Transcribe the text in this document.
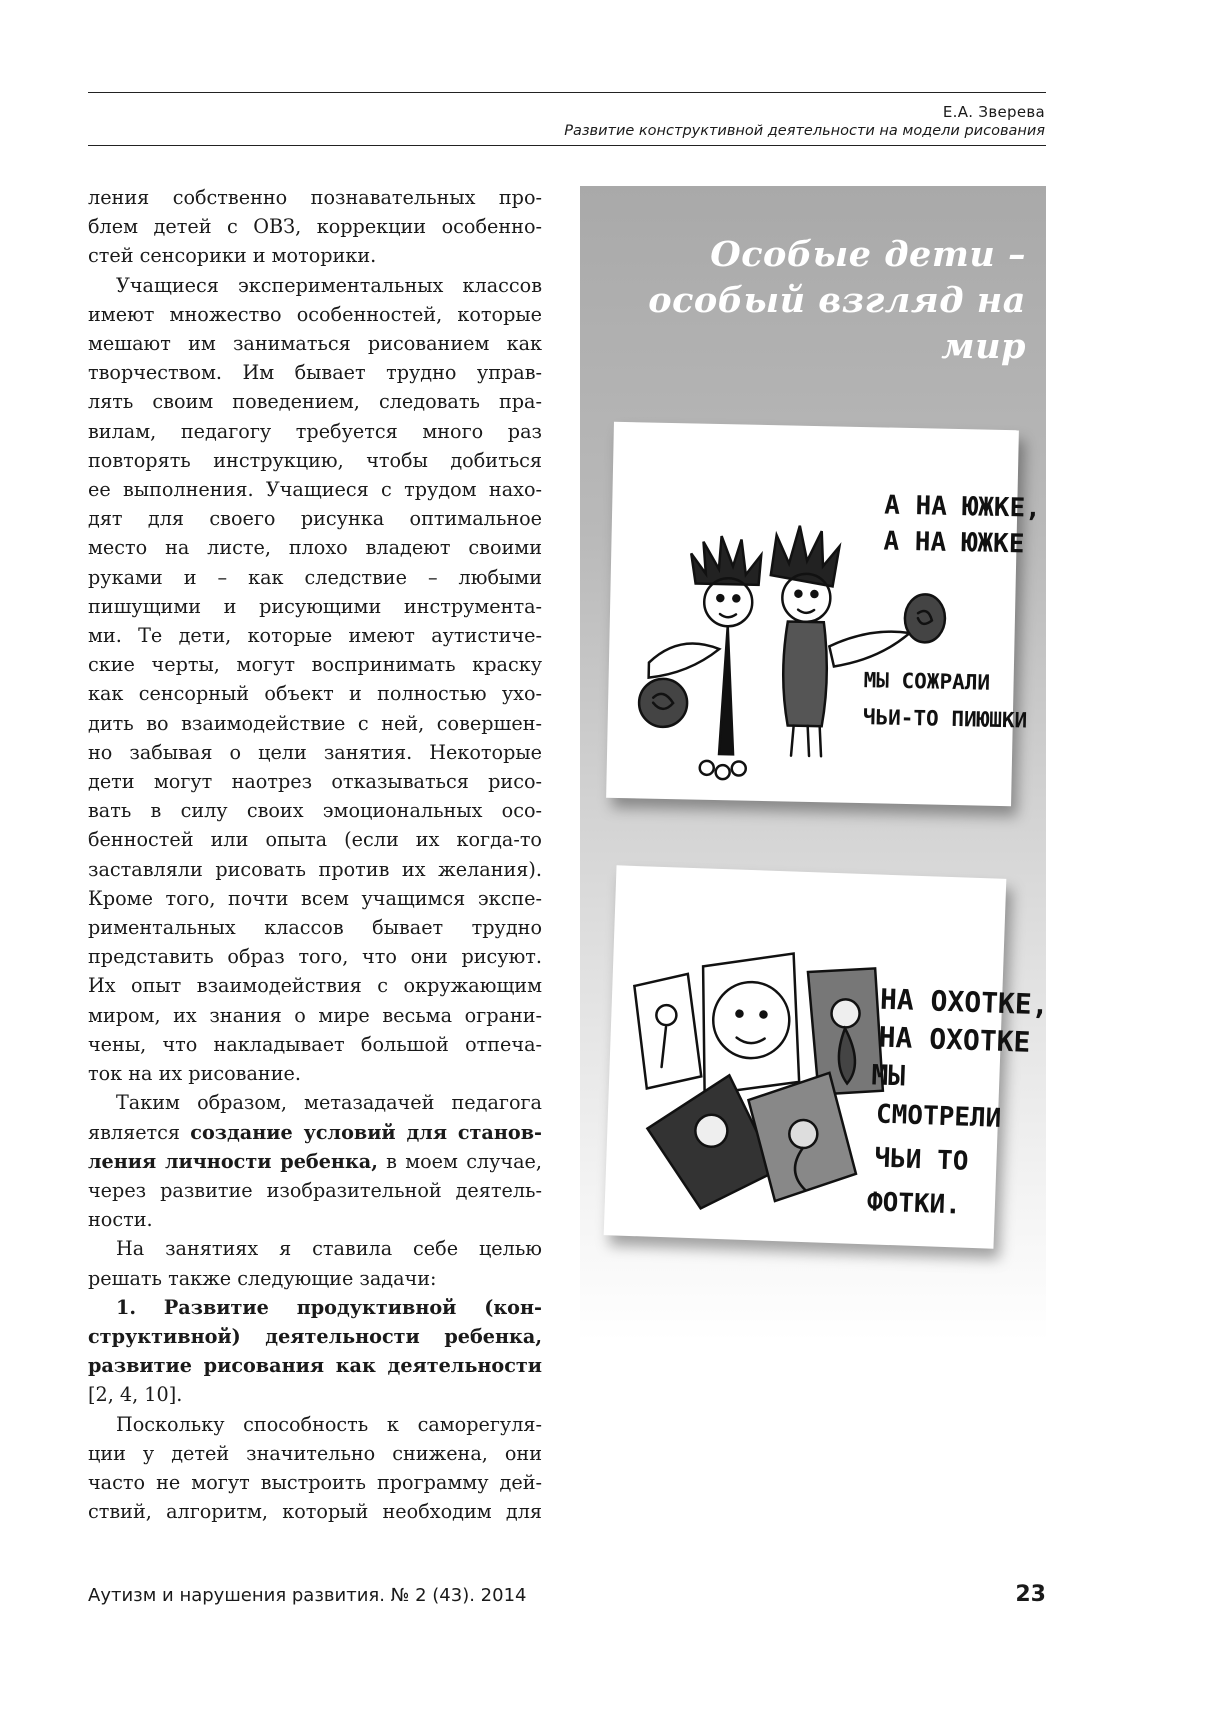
Е.А. Зверева
Развитие конструктивной деятельности на модели рисования

ления собственно познавательных про-
блем детей с ОВЗ, коррекции особенно-
стей сенсорики и моторики.

Учащиеся экспериментальных классов
имеют множество особенностей, которые
мешают им заниматься рисованием как
творчеством. Им бывает трудно управ-
лять своим поведением, следовать пра-
вилам, педагогу требуется много раз
повторять инструкцию, чтобы добиться
ее выполнения. Учащиеся с трудом нахо-
дят для своего рисунка оптимальное
место на листе, плохо владеют своими
руками и – как следствие – любыми
пишущими и рисующими инструмента-
ми. Те дети, которые имеют аутистиче-
ские черты, могут воспринимать краску
как сенсорный объект и полностью ухо-
дить во взаимодействие с ней, совершен-
но забывая о цели занятия. Некоторые
дети могут наотрез отказываться рисо-
вать в силу своих эмоциональных осо-
бенностей или опыта (если их когда-то
заставляли рисовать против их желания).
Кроме того, почти всем учащимся экспе-
риментальных классов бывает трудно
представить образ того, что они рисуют.
Их опыт взаимодействия с окружающим
миром, их знания о мире весьма ограни-
чены, что накладывает большой отпеча-
ток на их рисование.

Таким образом, метазадачей педагога
является создание условий для станов-
ления личности ребенка, в моем случае,
через развитие изобразительной деятель-
ности.

На занятиях я ставила себе целью
решать также следующие задачи:

1. Развитие продуктивной (кон-
структивной) деятельности ребенка,
развитие рисования как деятельности
[2, 4, 10].

Поскольку способность к саморегуля-
ции у детей значительно снижена, они
часто не могут выстроить программу дей-
ствий, алгоритм, который необходим для

Особые дети –
особый взгляд на мир
А НА ЮЖКЕ,
А НА ЮЖКЕ
МЫ СОЖРАЛИ
ЧЬИ-ТО ПИЮШКИ
НА ОХОТКЕ,
НА ОХОТКЕ
МЫ
СМОТРЕЛИ
ЧЬИ ТО
ФОТКИ.
Аутизм и нарушения развития. № 2 (43). 2014	23
